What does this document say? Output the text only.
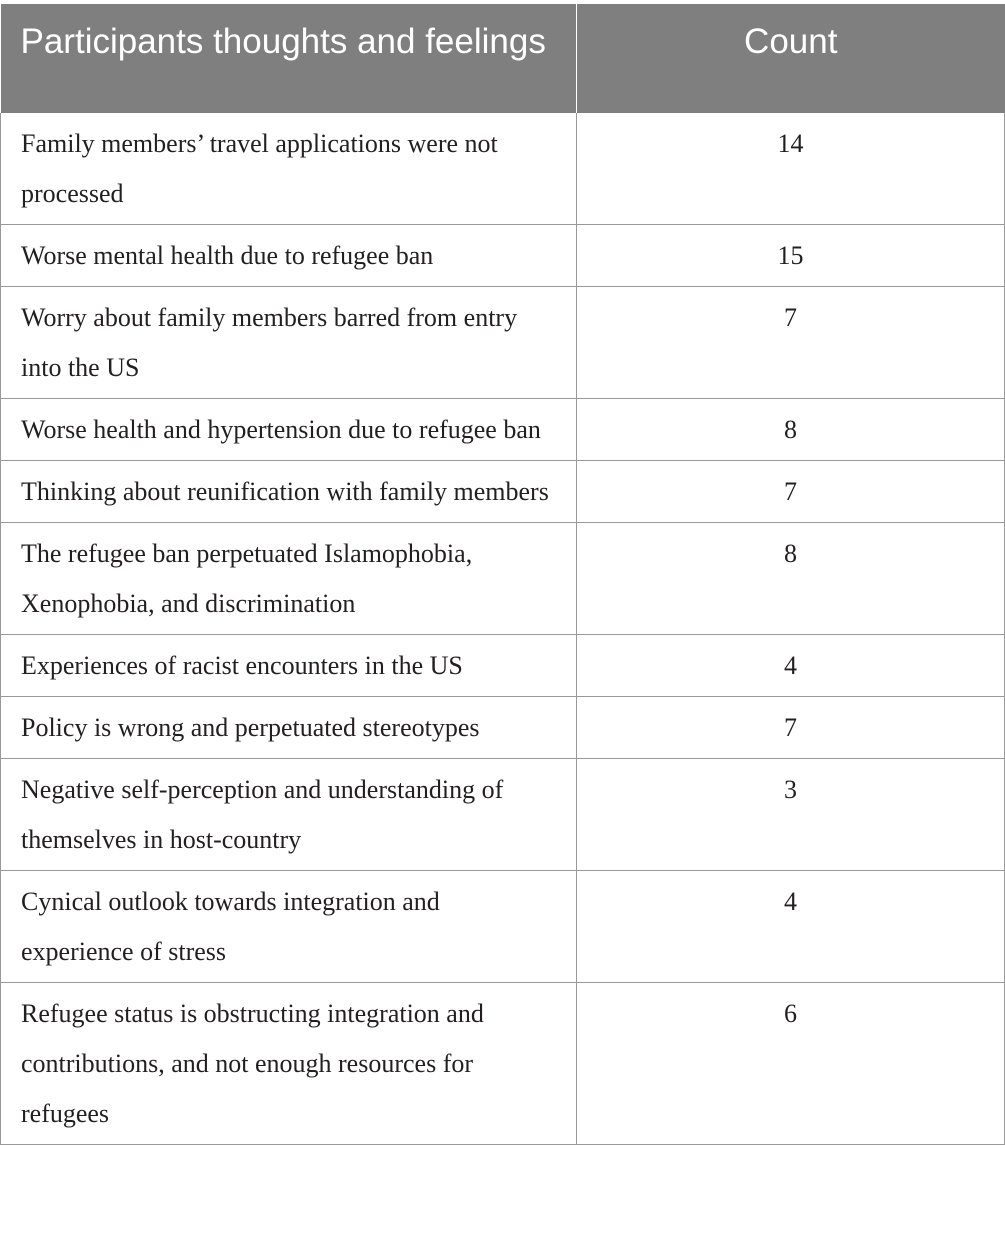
Participants thoughts and feelings	Count
Family members’ travel applications were not processed	14
Worse mental health due to refugee ban	15
Worry about family members barred from entry into the US	7
Worse health and hypertension due to refugee ban	8
Thinking about reunification with family members	7
The refugee ban perpetuated Islamophobia, Xenophobia, and discrimination	8
Experiences of racist encounters in the US	4
Policy is wrong and perpetuated stereotypes	7
Negative self-perception and understanding of themselves in host-country	3
Cynical outlook towards integration and experience of stress	4
Refugee status is obstructing integration and contributions, and not enough resources for refugees	6
